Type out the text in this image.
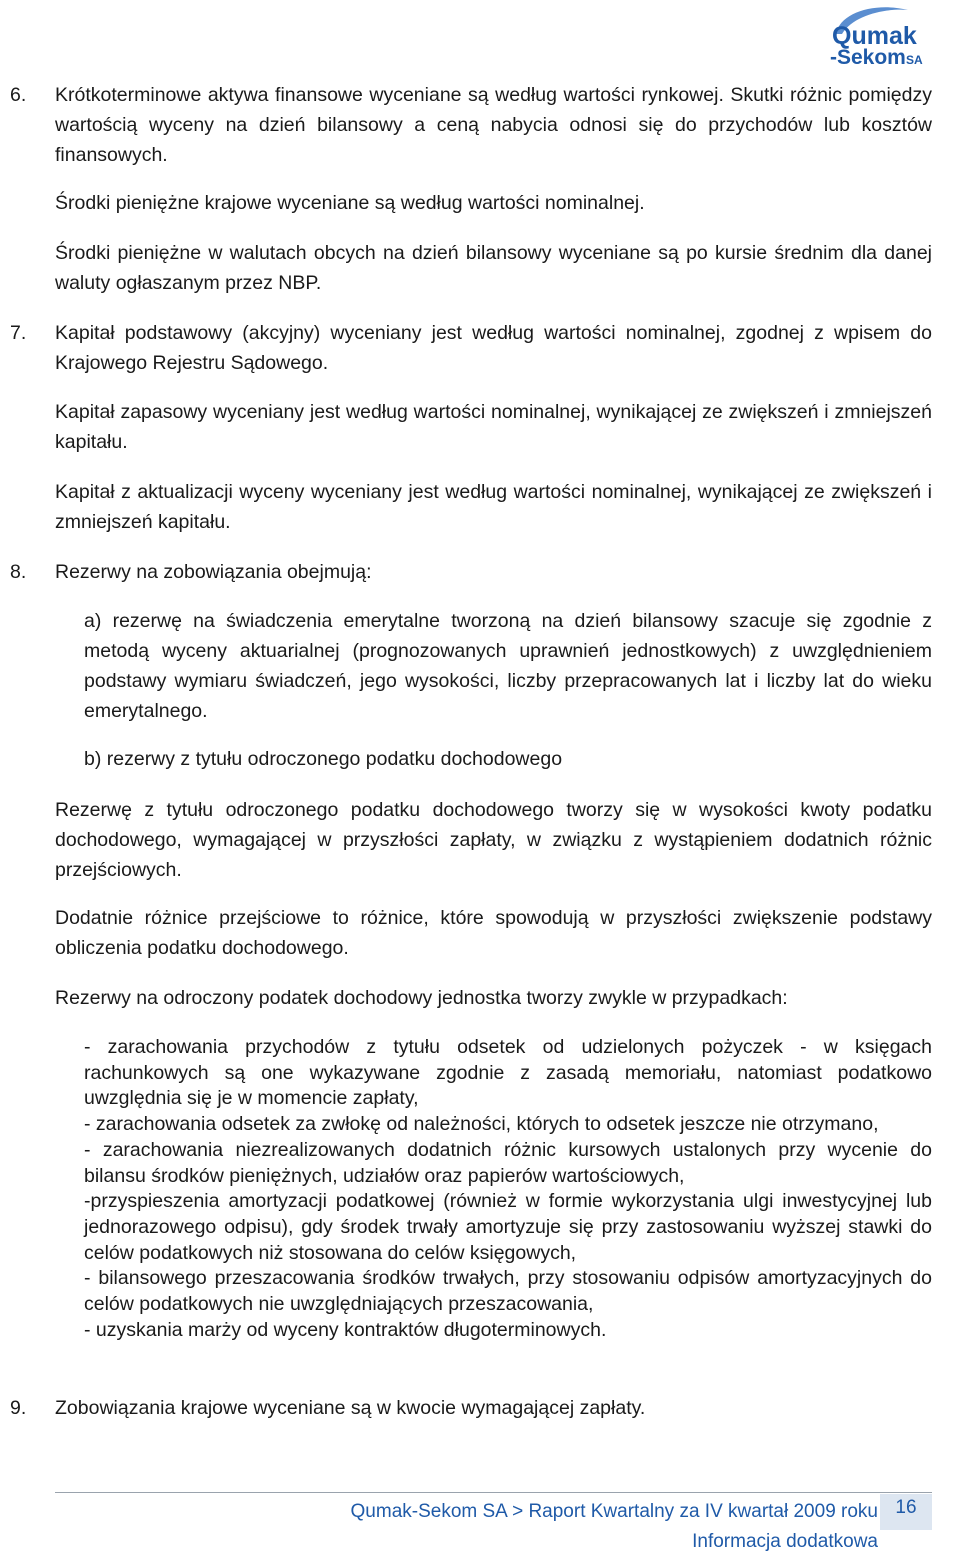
Qumak
-Sekom SA
6. Krótkoterminowe aktywa finansowe wyceniane są według wartości rynkowej. Skutki różnic pomiędzy wartością wyceny na dzień bilansowy a ceną nabycia odnosi się do przychodów lub kosztów finansowych.

Środki pieniężne krajowe wyceniane są według wartości nominalnej.

Środki pieniężne w walutach obcych na dzień bilansowy wyceniane są po kursie średnim dla danej waluty ogłaszanym przez NBP.

7. Kapitał podstawowy (akcyjny) wyceniany jest według wartości nominalnej, zgodnej z wpisem do Krajowego Rejestru Sądowego.

Kapitał zapasowy wyceniany jest według wartości nominalnej, wynikającej ze zwiększeń i zmniejszeń kapitału.

Kapitał z aktualizacji wyceny wyceniany jest według wartości nominalnej, wynikającej ze zwiększeń i zmniejszeń kapitału.

8. Rezerwy na zobowiązania obejmują:

a) rezerwę na świadczenia emerytalne tworzoną na dzień bilansowy szacuje się zgodnie z metodą wyceny aktuarialnej (prognozowanych uprawnień jednostkowych) z uwzględnieniem podstawy wymiaru świadczeń, jego wysokości, liczby przepracowanych lat i liczby lat do wieku emerytalnego.

b) rezerwy z tytułu odroczonego podatku dochodowego

Rezerwę z tytułu odroczonego podatku dochodowego tworzy się w wysokości kwoty podatku dochodowego, wymagającej w przyszłości zapłaty, w związku z wystąpieniem dodatnich różnic przejściowych.

Dodatnie różnice przejściowe to różnice, które spowodują w przyszłości zwiększenie podstawy obliczenia podatku dochodowego.

Rezerwy na odroczony podatek dochodowy jednostka tworzy zwykle w przypadkach:

- zarachowania przychodów z tytułu odsetek od udzielonych pożyczek - w księgach rachunkowych są one wykazywane zgodnie z zasadą memoriału, natomiast podatkowo uwzględnia się je w momencie zapłaty,
- zarachowania odsetek za zwłokę od należności, których to odsetek jeszcze nie otrzymano,
- zarachowania niezrealizowanych dodatnich różnic kursowych ustalonych przy wycenie do bilansu środków pieniężnych, udziałów oraz papierów wartościowych,
-przyspieszenia amortyzacji podatkowej (również w formie wykorzystania ulgi inwestycyjnej lub jednorazowego odpisu), gdy środek trwały amortyzuje się przy zastosowaniu wyższej stawki do celów podatkowych niż stosowana do celów księgowych,
- bilansowego przeszacowania środków trwałych, przy stosowaniu odpisów amortyzacyjnych do celów podatkowych nie uwzględniających przeszacowania,
- uzyskania marży od wyceny kontraktów długoterminowych.
9. Zobowiązania krajowe wyceniane są w kwocie wymagającej zapłaty.

Qumak-Sekom SA > Raport Kwartalny za IV kwartał 2009 roku
Informacja dodatkowa
16
